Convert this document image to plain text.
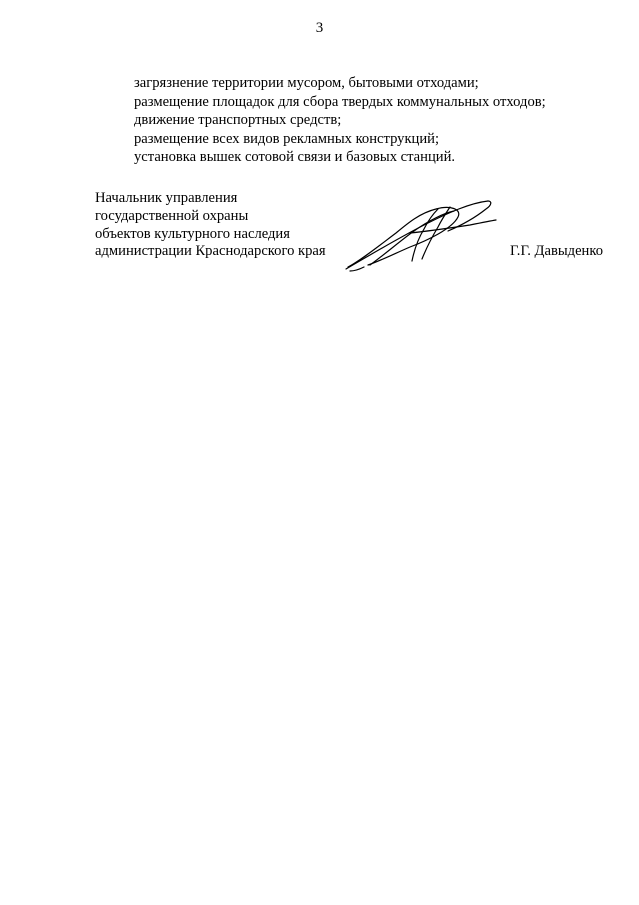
3
загрязнение территории мусором, бытовыми отходами;
размещение площадок для сбора твердых коммунальных отходов;
движение транспортных средств;
размещение всех видов рекламных конструкций;
установка вышек сотовой связи и базовых станций.
Начальник управления
государственной охраны
объектов культурного наследия
администрации Краснодарского края	Г.Г. Давыденко
